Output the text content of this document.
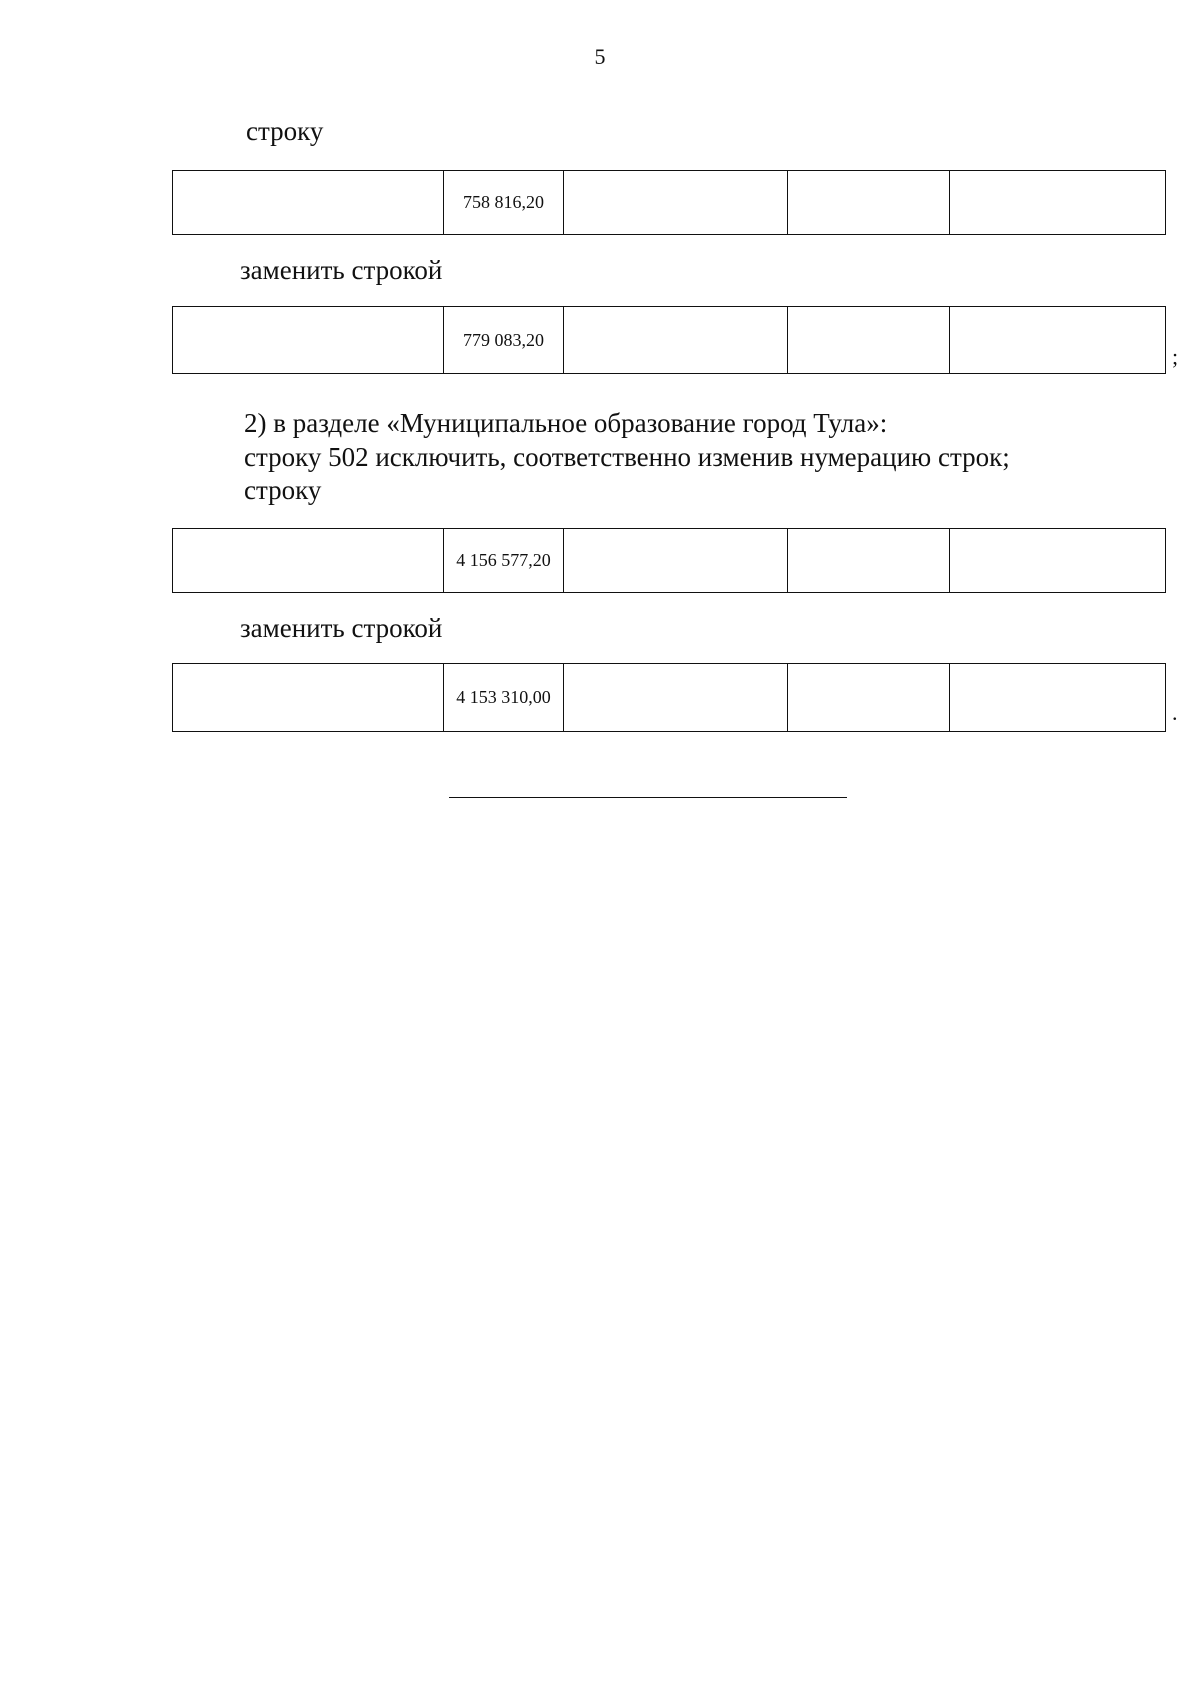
5
строку
	758 816,20			
заменить строкой
	779 083,20			
;
2) в разделе «Муниципальное образование город Тула»:
строку 502 исключить, соответственно изменив нумерацию строк;
строку
	4 156 577,20			
заменить строкой
	4 153 310,00			
.
